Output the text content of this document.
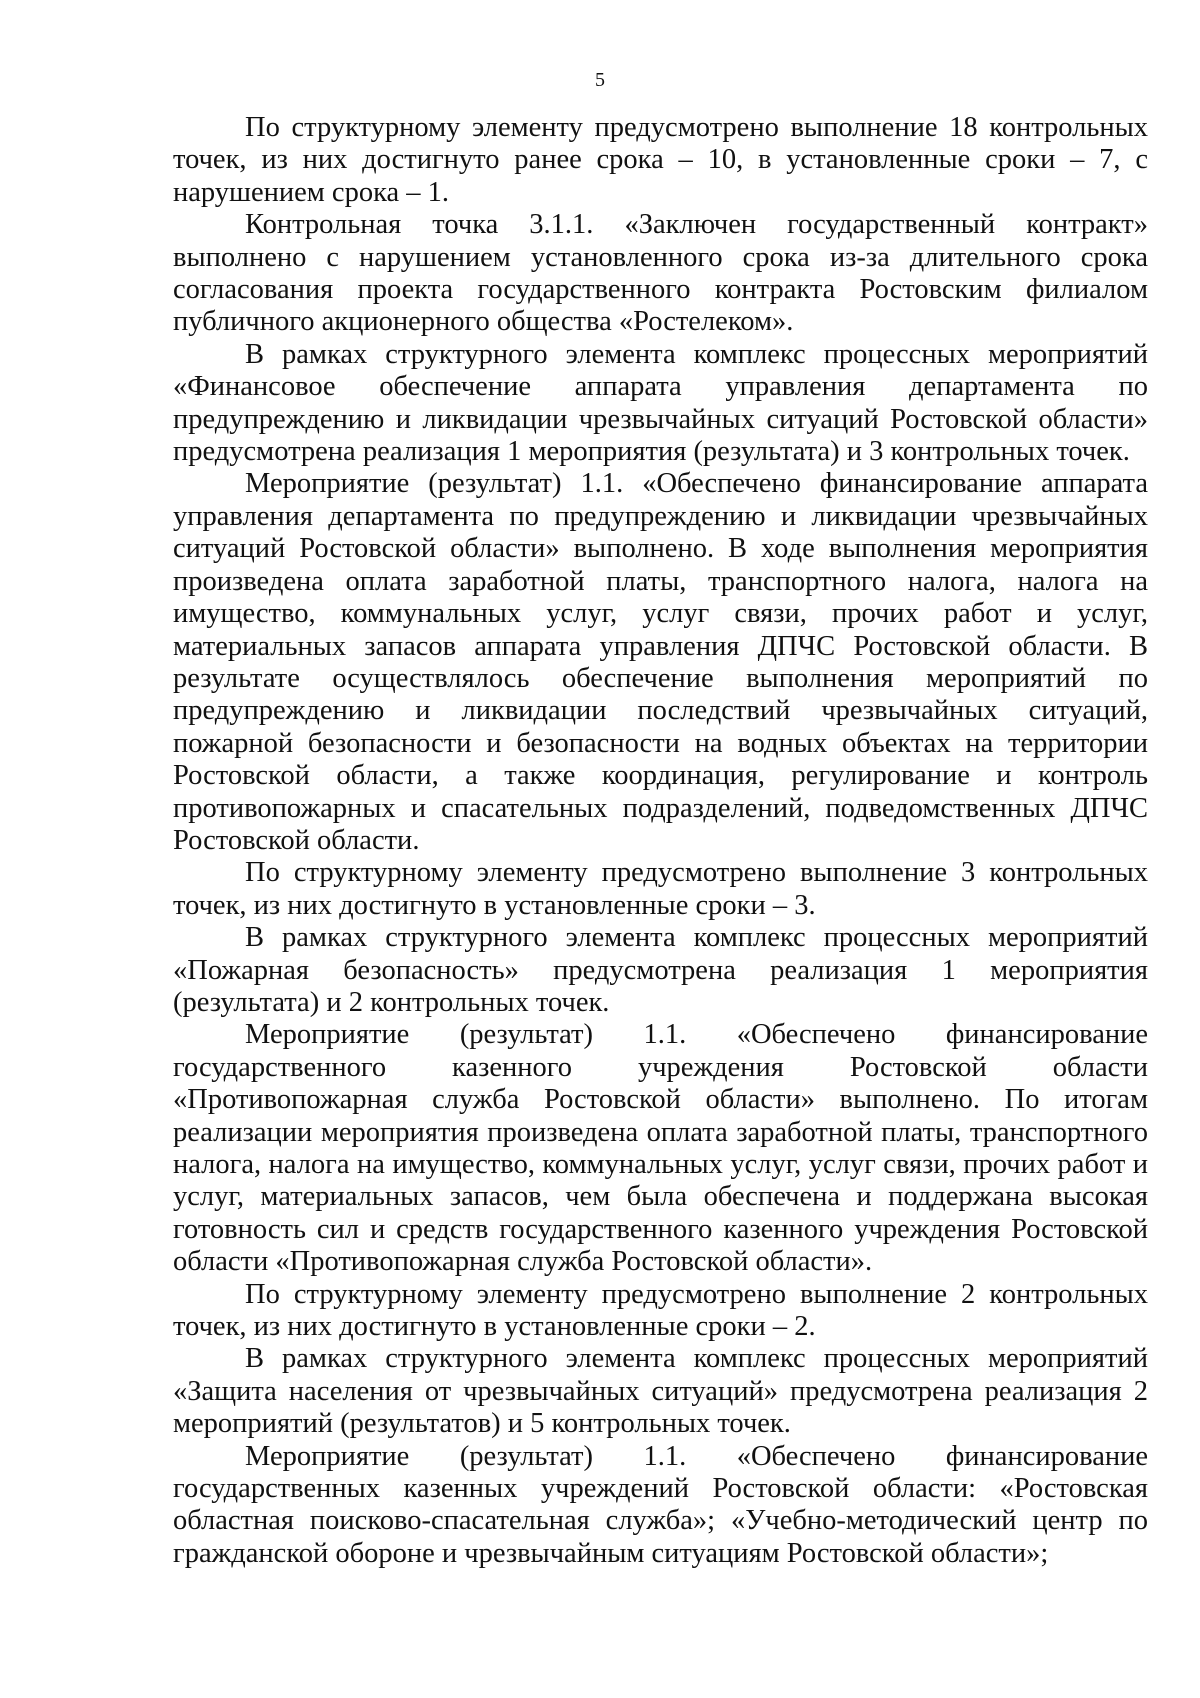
5

По структурному элементу предусмотрено выполнение 18 контрольных точек, из них достигнуто ранее срока – 10, в установленные сроки – 7, с нарушением срока – 1.

Контрольная точка 3.1.1. «Заключен государственный контракт» выполнено с нарушением установленного срока из-за длительного срока согласования проекта государственного контракта Ростовским филиалом публичного акционерного общества «Ростелеком».

В рамках структурного элемента комплекс процессных мероприятий «Финансовое обеспечение аппарата управления департамента по предупреждению и ликвидации чрезвычайных ситуаций Ростовской области» предусмотрена реализация 1 мероприятия (результата) и 3 контрольных точек.

Мероприятие (результат) 1.1. «Обеспечено финансирование аппарата управления департамента по предупреждению и ликвидации чрезвычайных ситуаций Ростовской области» выполнено. В ходе выполнения мероприятия произведена оплата заработной платы, транспортного налога, налога на имущество, коммунальных услуг, услуг связи, прочих работ и услуг, материальных запасов аппарата управления ДПЧС Ростовской области. В результате осуществлялось обеспечение выполнения мероприятий по предупреждению и ликвидации последствий чрезвычайных ситуаций, пожарной безопасности и безопасности на водных объектах на территории Ростовской области, а также координация, регулирование и контроль противопожарных и спасательных подразделений, подведомственных ДПЧС Ростовской области.

По структурному элементу предусмотрено выполнение 3 контрольных точек, из них достигнуто в установленные сроки – 3.

В рамках структурного элемента комплекс процессных мероприятий «Пожарная безопасность» предусмотрена реализация 1 мероприятия (результата) и 2 контрольных точек.

Мероприятие (результат) 1.1. «Обеспечено финансирование государственного казенного учреждения Ростовской области «Противопожарная служба Ростовской области» выполнено. По итогам реализации мероприятия произведена оплата заработной платы, транспортного налога, налога на имущество, коммунальных услуг, услуг связи, прочих работ и услуг, материальных запасов, чем была обеспечена и поддержана высокая готовность сил и средств государственного казенного учреждения Ростовской области «Противопожарная служба Ростовской области».

По структурному элементу предусмотрено выполнение 2 контрольных точек, из них достигнуто в установленные сроки – 2.

В рамках структурного элемента комплекс процессных мероприятий «Защита населения от чрезвычайных ситуаций» предусмотрена реализация 2 мероприятий (результатов) и 5 контрольных точек.

Мероприятие (результат) 1.1. «Обеспечено финансирование государственных казенных учреждений Ростовской области: «Ростовская областная поисково-спасательная служба»; «Учебно-методический центр по гражданской обороне и чрезвычайным ситуациям Ростовской области»;
